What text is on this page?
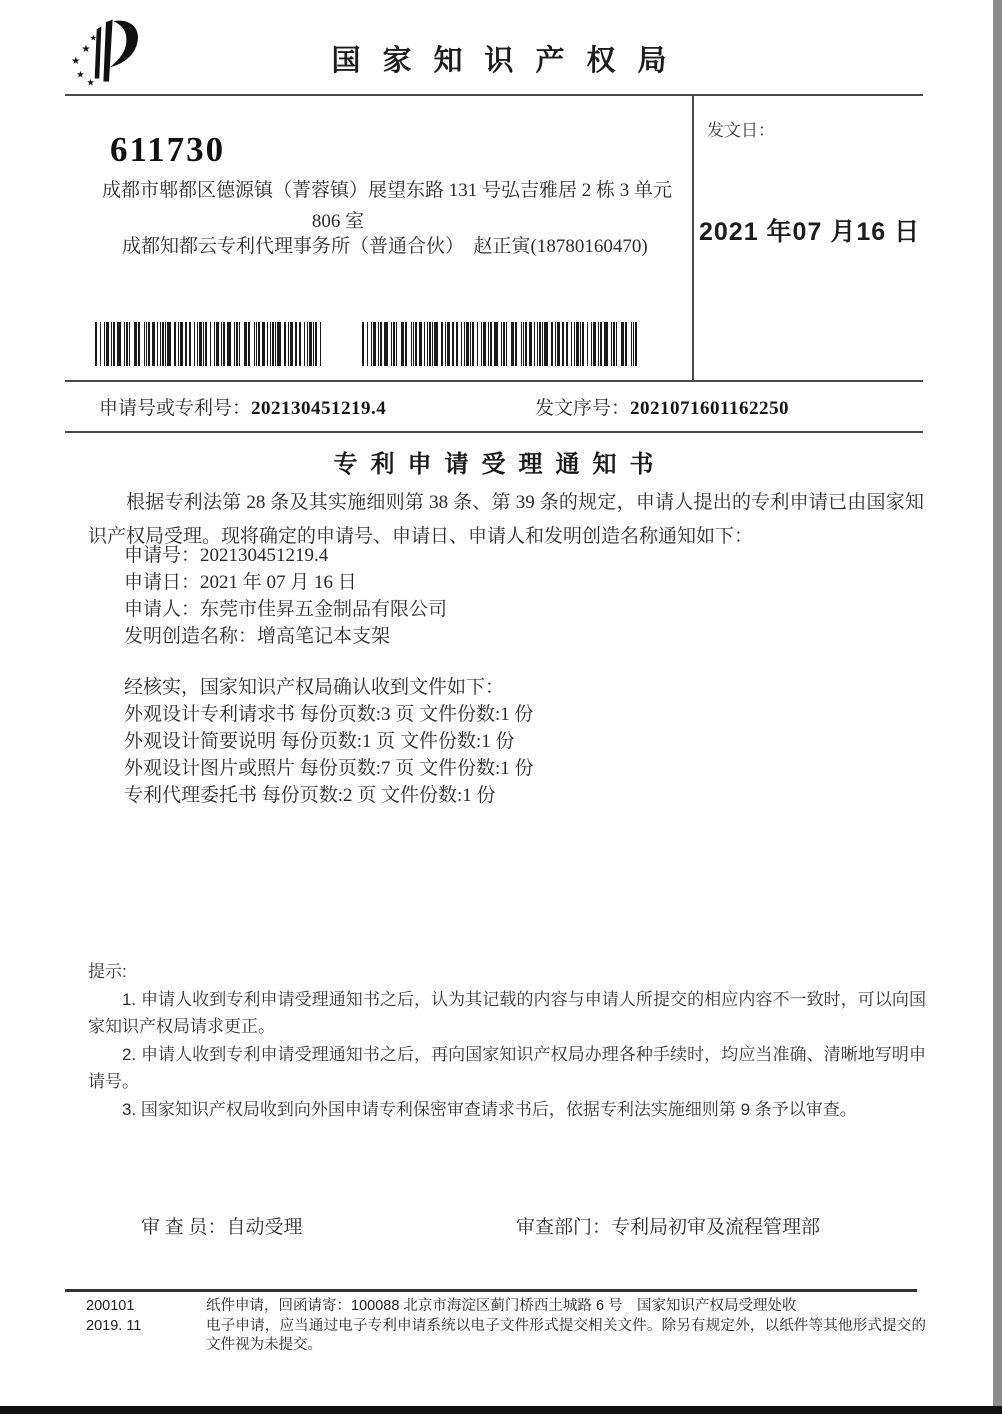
★
★
★
★
★
国家知识产权局
发文日：
2021 年07 月16 日
611730
成都市郫都区德源镇（菁蓉镇）展望东路 131 号弘吉雅居 2 栋 3 单元
806 室
成都知都云专利代理事务所（普通合伙）　赵正寅(18780160470)
申请号或专利号：202130451219.4	发文序号：2021071601162250
专利申请受理通知书
根据专利法第 28 条及其实施细则第 38 条、第 39 条的规定，申请人提出的专利申请已由国家知识产权局受理。现将确定的申请号、申请日、申请人和发明创造名称通知如下：
申请号：202130451219.4
申请日：2021 年 07 月 16 日
申请人：东莞市佳昇五金制品有限公司
发明创造名称：增高笔记本支架
经核实，国家知识产权局确认收到文件如下：
外观设计专利请求书 每份页数:3 页 文件份数:1 份
外观设计简要说明 每份页数:1 页 文件份数:1 份
外观设计图片或照片 每份页数:7 页 文件份数:1 份
专利代理委托书 每份页数:2 页 文件份数:1 份

提示:

1. 申请人收到专利申请受理通知书之后，认为其记载的内容与申请人所提交的相应内容不一致时，可以向国家知识产权局请求更正。

2. 申请人收到专利申请受理通知书之后，再向国家知识产权局办理各种手续时，均应当准确、清晰地写明申请号。

3. 国家知识产权局收到向外国申请专利保密审查请求书后，依据专利法实施细则第 9 条予以审查。

审 查 员：自动受理	审查部门：专利局初审及流程管理部
200101	纸件申请，回函请寄：100088 北京市海淀区蓟门桥西土城路 6 号　国家知识产权局受理处收
2019. 11	电子申请，应当通过电子专利申请系统以电子文件形式提交相关文件。除另有规定外，以纸件等其他形式提交的文件视为未提交。
